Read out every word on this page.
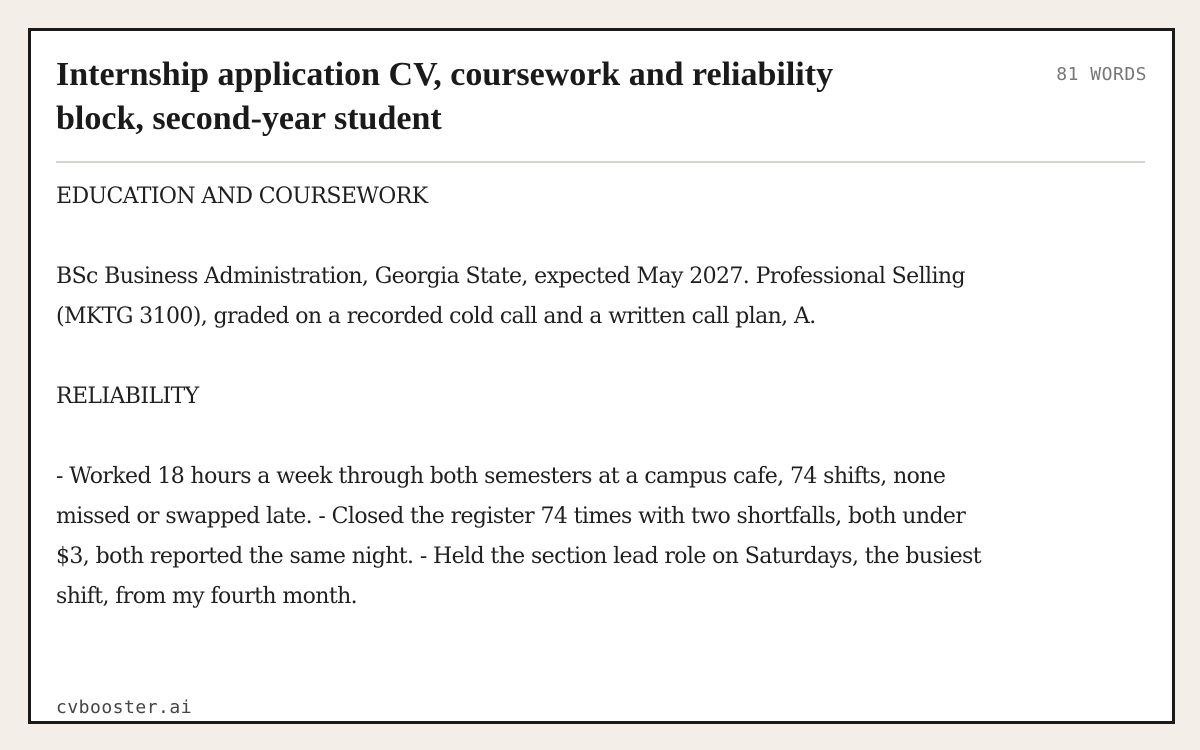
Internship application CV, coursework and reliability block, second-year student
81 WORDS

EDUCATION AND COURSEWORK

BSc Business Administration, Georgia State, expected May 2027. Professional Selling (MKTG 3100), graded on a recorded cold call and a written call plan, A.

RELIABILITY

- Worked 18 hours a week through both semesters at a campus cafe, 74 shifts, none missed or swapped late. - Closed the register 74 times with two shortfalls, both under $3, both reported the same night. - Held the section lead role on Saturdays, the busiest shift, from my fourth month.

cvbooster.ai
